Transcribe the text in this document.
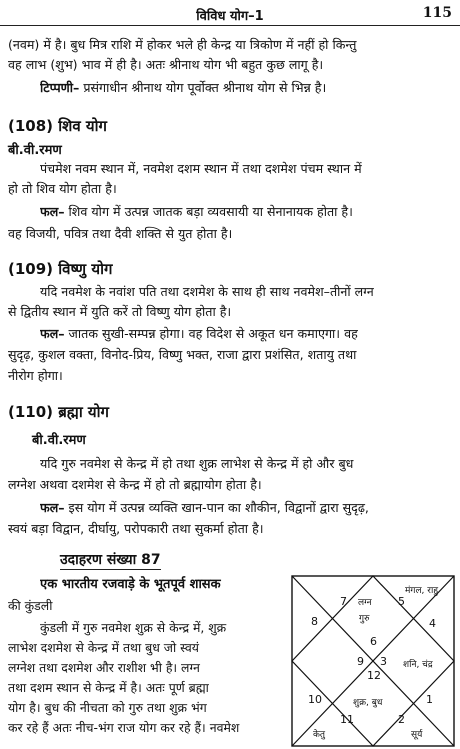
विविध योग–1	115
(नवम) में है। बुध मित्र राशि में होकर भले ही केन्द्र या त्रिकोण में नहीं हो किन्तु
वह लाभ (शुभ) भाव में ही है। अतः श्रीनाथ योग भी बहुत कुछ लागू है।
टिप्पणी– प्रसंगाधीन श्रीनाथ योग पूर्वोक्त श्रीनाथ योग से भिन्न है।
(108) शिव योग
बी.वी.रमण
पंचमेश नवम स्थान में, नवमेश दशम स्थान में तथा दशमेश पंचम स्थान में
हो तो शिव योग होता है।
फल– शिव योग में उत्पन्न जातक बड़ा व्यवसायी या सेनानायक होता है।
वह विजयी, पवित्र तथा दैवी शक्ति से युत होता है।
(109) विष्णु योग
यदि नवमेश के नवांश पति तथा दशमेश के साथ ही साथ नवमेश–तीनों लग्न
से द्वितीय स्थान में युति करें तो विष्णु योग होता है।
फल– जातक सुखी-सम्पन्न होगा। वह विदेश से अकूत धन कमाएगा। वह
सुदृढ़, कुशल वक्ता, विनोद-प्रिय, विष्णु भक्त, राजा द्वारा प्रशंसित, शतायु तथा
नीरोग होगा।
(110) ब्रह्मा योग
बी.वी.रमण
यदि गुरु नवमेश से केन्द्र में हो तथा शुक्र लाभेश से केन्द्र में हो और बुध
लग्नेश अथवा दशमेश से केन्द्र में हो तो ब्रह्मायोग होता है।
फल– इस योग में उत्पन्न व्यक्ति खान-पान का शौकीन, विद्वानों द्वारा सुदृढ़,
स्वयं बड़ा विद्वान, दीर्घायु, परोपकारी तथा सुकर्मा होता है।
उदाहरण संख्या 87
एक भारतीय रजवाड़े के भूतपूर्व शासक
की कुंडली
कुंडली में गुरु नवमेश शुक्र से केन्द्र में, शुक्र
लाभेश दशमेश से केन्द्र में तथा बुध जो स्वयं
लग्नेश तथा दशमेश और राशीश भी है। लग्न
तथा दशम स्थान से केन्द्र में है। अतः पूर्ण ब्रह्मा
योग है। बुध की नीचता को गुरु तथा शुक्र भंग
कर रहे हैं अतः नीच-भंग राज योग कर रहे हैं। नवमेश
7
8
5
4
6
9 3
12
10
11
1
2
लग्न
गुरु
मंगल, राहु
शनि, चंद्र
शुक्र, बुध
केतु	सूर्य
